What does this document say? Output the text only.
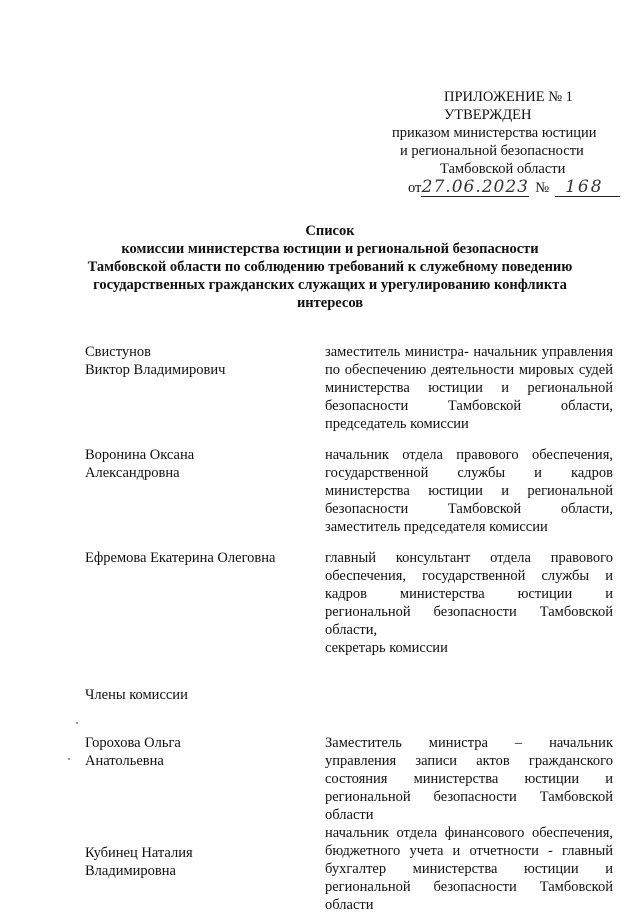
ПРИЛОЖЕНИЕ № 1
УТВЕРЖДЕН
приказом министерства юстиции
и региональной безопасности
Тамбовской области
от 27.06.2023 № 168
Список
комиссии министерства юстиции и региональной безопасности
Тамбовской области по соблюдению требований к служебному поведению
государственных гражданских служащих и урегулированию конфликта
интересов
Свистунов
Виктор Владимирович
заместитель министра- начальник управления по обеспечению деятельности мировых судей министерства юстиции и региональной безопасности Тамбовской области, председатель комиссии
Воронина Оксана
Александровна
начальник отдела правового обеспечения, государственной службы и кадров министерства юстиции и региональной безопасности Тамбовской области, заместитель председателя комиссии
Ефремова Екатерина Олеговна	главный консультант отдела правового обеспечения, государственной службы и кадров министерства юстиции и региональной безопасности Тамбовской области,
секретарь комиссии
Члены комиссии
Горохова Ольга
Анатольевна
Заместитель министра – начальник управления записи актов гражданского состояния министерства юстиции и региональной безопасности Тамбовской области
Кубинец Наталия
Владимировна
начальник отдела финансового обеспечения, бюджетного учета и отчетности - главный бухгалтер министерства юстиции и региональной безопасности Тамбовской области
